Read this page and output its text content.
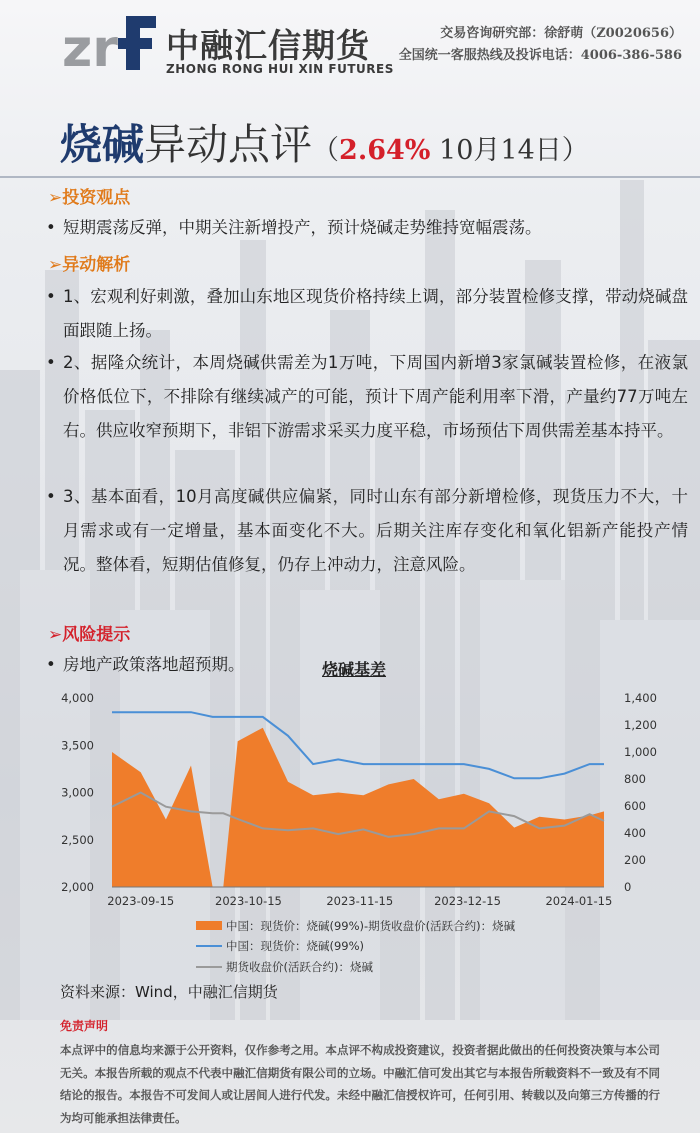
zr 中融汇信期货
ZHONG RONG HUI XIN FUTURES
交易咨询研究部：徐舒萌（Z0020656）
全国统一客服热线及投诉电话：4006-386-586
烧碱异动点评（2.64% 10月14日）
➢投资观点
• 短期震荡反弹，中期关注新增投产，预计烧碱走势维持宽幅震荡。
➢异动解析
• 1、宏观利好刺激，叠加山东地区现货价格持续上调，部分装置检修支撑，带动烧碱盘面跟随上扬。
• 2、据隆众统计，本周烧碱供需差为1万吨，下周国内新增3家氯碱装置检修，在液氯价格低位下，不排除有继续减产的可能，预计下周产能利用率下滑，产量约77万吨左右。供应收窄预期下，非铝下游需求采买力度平稳，市场预估下周供需差基本持平。
• 3、基本面看，10月高度碱供应偏紧，同时山东有部分新增检修，现货压力不大，十月需求或有一定增量，基本面变化不大。后期关注库存变化和氧化铝新产能投产情况。整体看，短期估值修复，仍存上冲动力，注意风险。
➢风险提示
• 房地产政策落地超预期。	烧碱基差
4,000
3,500
3,000
2,500
2,000
1,400
1,200
1,000
800
600
400
200
0
2023-09-15	2023-10-15	2023-11-15	2023-12-15	2024-01-15
中国：现货价：烧碱(99%)-期货收盘价(活跃合约)：烧碱
中国：现货价：烧碱(99%)
期货收盘价(活跃合约)：烧碱
资料来源：Wind，中融汇信期货
免责声明
本点评中的信息均来源于公开资料，仅作参考之用。本点评不构成投资建议，投资者据此做出的任何投资决策与本公司无关。本报告所载的观点不代表中融汇信期货有限公司的立场。中融汇信可发出其它与本报告所载资料不一致及有不同结论的报告。本报告不可发间人或让居间人进行代发。未经中融汇信授权许可，任何引用、转载以及向第三方传播的行为均可能承担法律责任。
